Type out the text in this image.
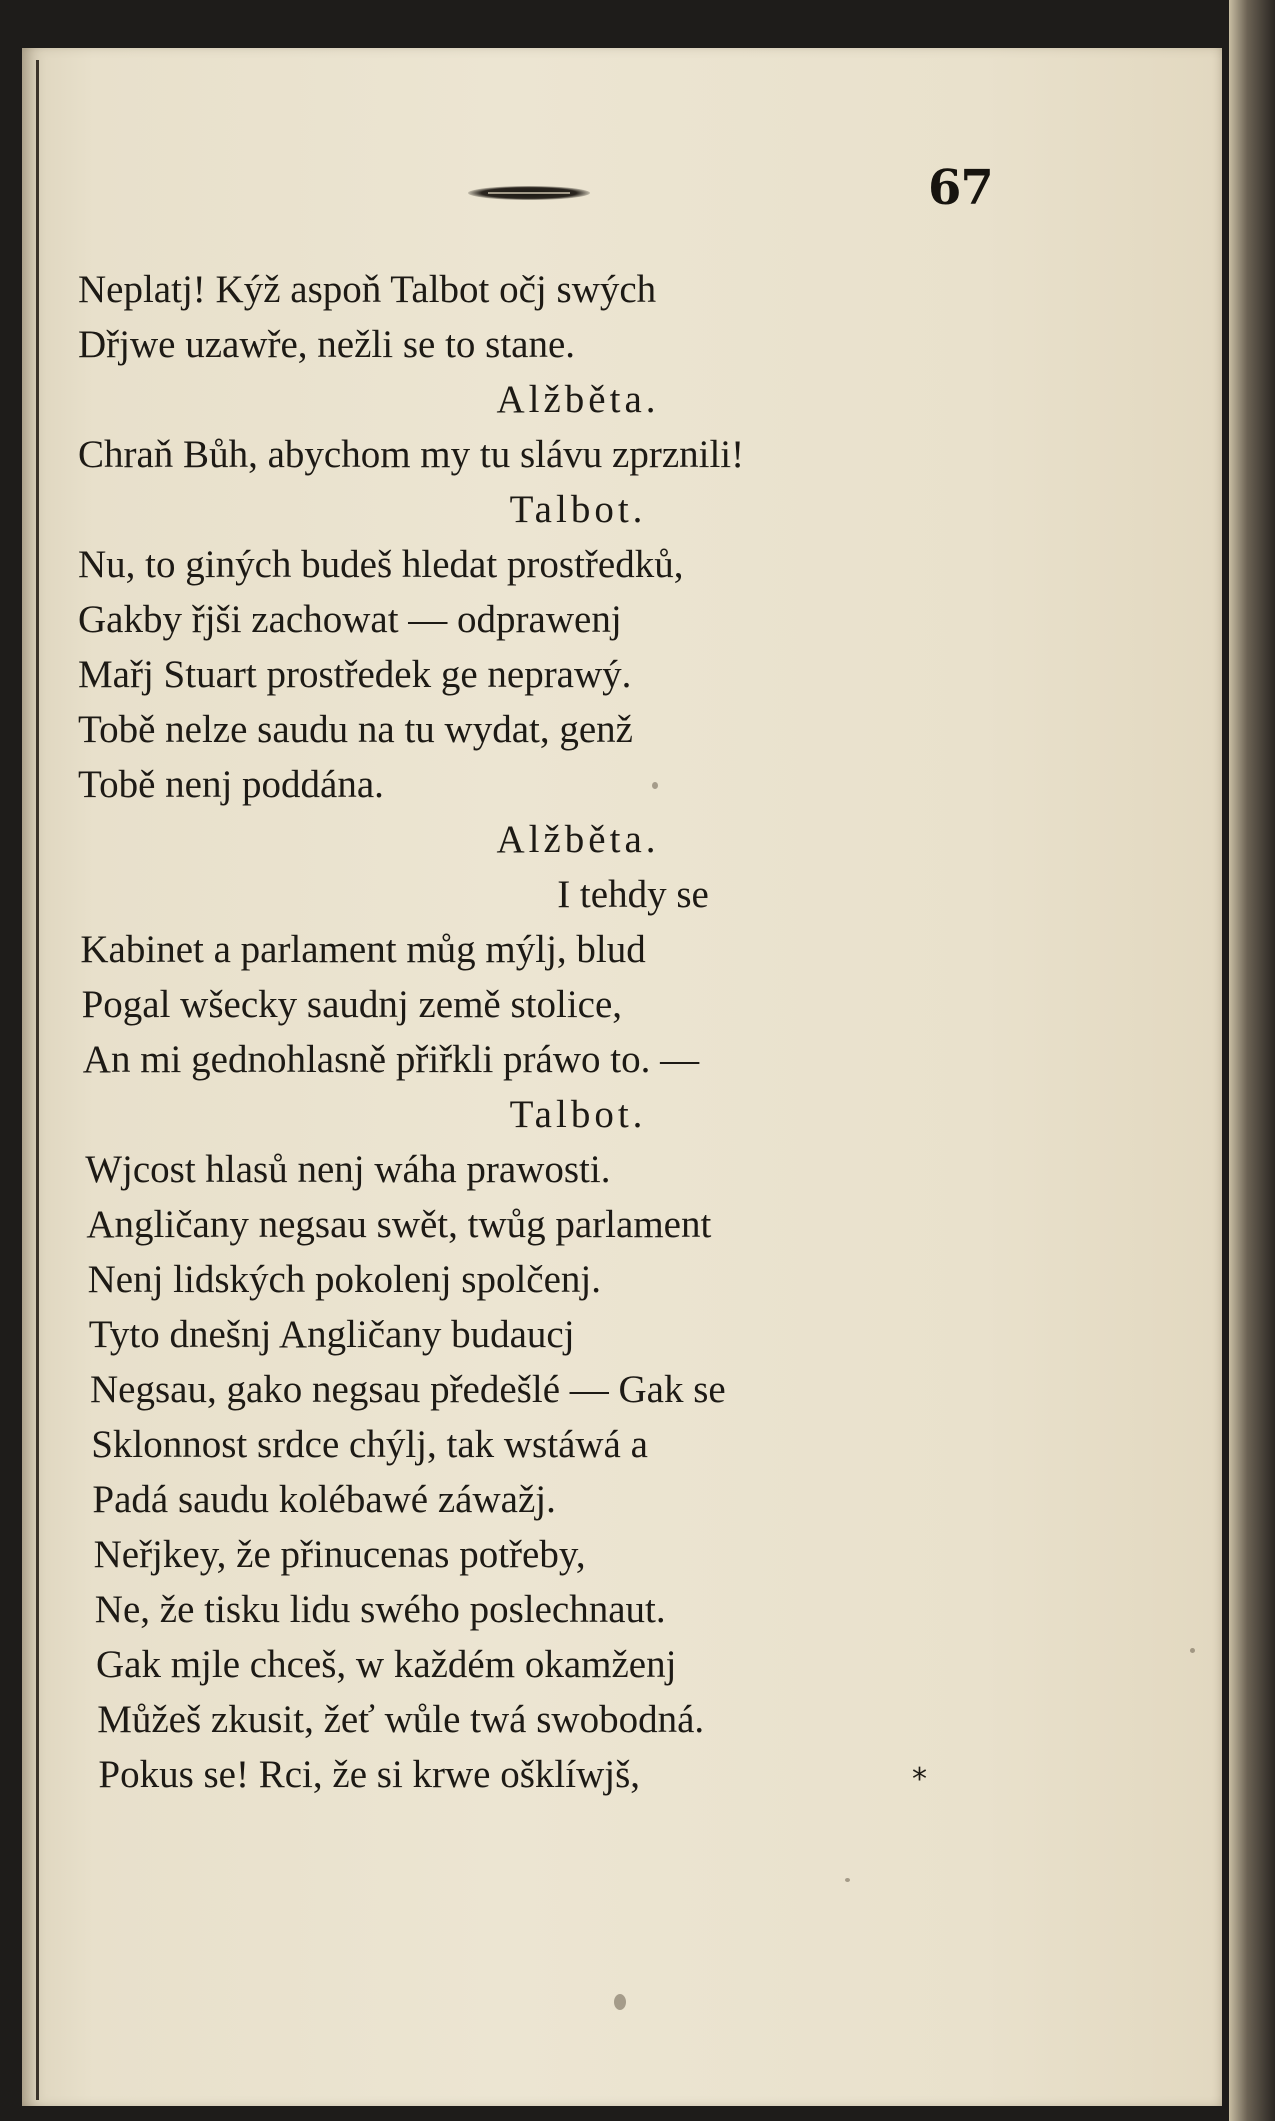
67
Neplatj! Kýž aspoň Talbot očj swých
Dřjwe uzawře, nežli se to stane.
Alžběta.
Chraň Bůh, abychom my tu slávu zprznili!
Talbot.
Nu, to giných budeš hledat prostředků,
Gakby řjši zachowat — odprawenj
Mařj Stuart prostředek ge neprawý.
Tobě nelze saudu na tu wydat, genž
Tobě nenj poddána.
Alžběta.
I tehdy se
Kabinet a parlament můg mýlj, blud
Pogal wšecky saudnj země stolice,
An mi gednohlasně přiřkli práwo to. —
Talbot.
Wjcost hlasů nenj wáha prawosti.
Angličany negsau swět, twůg parlament
Nenj lidských pokolenj spolčenj.
Tyto dnešnj Angličany budaucj
Negsau, gako negsau předešlé — Gak se
Sklonnost srdce chýlj, tak wstáwá a
Padá saudu kolébawé záwažj.
Neřjkey, že přinucenas potřeby,
Ne, že tisku lidu swého poslechnaut.
Gak mjle chceš, w každém okamženj
Můžeš zkusit, žeť wůle twá swobodná.
Pokus se! Rci, že si krwe ošklíwjš,	*
